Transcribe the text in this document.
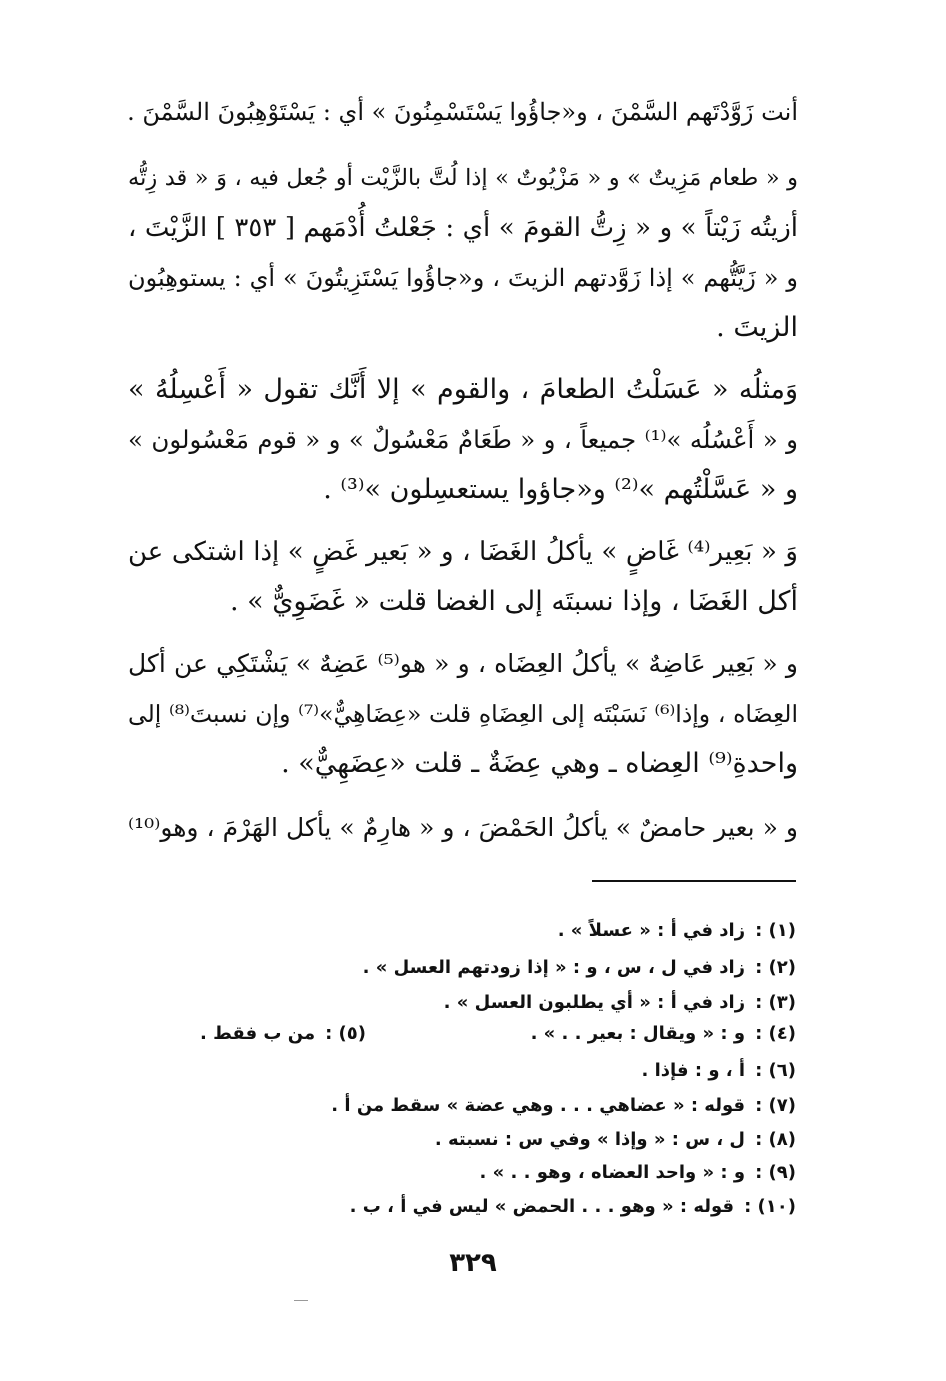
أنت زَوَّدْتَهم السَّمْنَ ، و«جاؤُوا يَسْتَسْمِنُونَ » أي : يَسْتَوْهِبُونَ السَّمْنَ .
و « طعام مَزِيتٌ » و « مَزْيُوتٌ » إذا لُتَّ بالزَّيْت أو جُعل فيه ، وَ « قد زِتُّه
أزيتُه زَيْتاً » و « زِتُّ القومَ » أي : جَعْلتُ أُدْمَهم [ ٣٥٣ ] الزَّيْتَ ،
و « زَيَّتُّهم » إذا زَوَّدتهم الزيتَ ، و«جاؤُوا يَسْتَزِيتُونَ » أي : يستوهِبُون
الزيتَ .
وَمثلُه « عَسَلْتُ الطعامَ ، والقوم » إلا أَنَّك تقول « أَعْسِلُهُ »
و « أَعْسُلُه »⁽¹⁾ جميعاً ، و « طَعَامٌ مَعْسُولٌ » و « قوم مَعْسُولون »
و « عَسَّلْتُهم »⁽²⁾ و«جاؤوا يستعسِلون »⁽³⁾ .
وَ « بَعِير⁽⁴⁾ غَاضٍ » يأكلُ الغَضَا ، و « بَعير غَضٍ » إذا اشتكى عن
أكل الغَضَا ، وإذا نسبتَه إلى الغضا قلت « غَضَوِيٌّ » .
و « بَعِير عَاضِهٌ » يأكلُ العِضَاه ، و « هو⁽⁵⁾ عَضِهٌ » يَشْتَكِي عن أكل
العِضَاه ، وإذا⁽⁶⁾ نَسَبْتَه إلى العِضَاهِ قلت «عِضَاهِيٌّ»⁽⁷⁾ وإن نسبتَ⁽⁸⁾ إلى
واحدةِ⁽⁹⁾ العِضاه ـ وهي عِضَةٌ ـ قلت «عِضَهِيٌّ» .
و « بعير حامضٌ » يأكلُ الحَمْضَ ، و « هارِمٌ » يأكل الهَرْمَ ، وهو⁽¹⁰⁾
(١) :زاد في أ : « عسلاً » .
(٢) :زاد في ل ، س ، و : « إذا زودتهم العسل » .
(٣) :زاد في أ : « أي يطلبون العسل » .
(٤) :و : « ويقال : بعير . . » .
(٥) :من ب فقط .
(٦) :أ ، و : فإذا .
(٧) :قوله : « عضاهي . . . وهي عضة » سقط من أ .
(٨) :ل ، س : « وإذا » وفي س : نسبته .
(٩) :و : « واحد العضاه ، وهو . . » .
(١٠) :قوله : « وهو . . . الحمض » ليس في أ ، ب .
٣٢٩
